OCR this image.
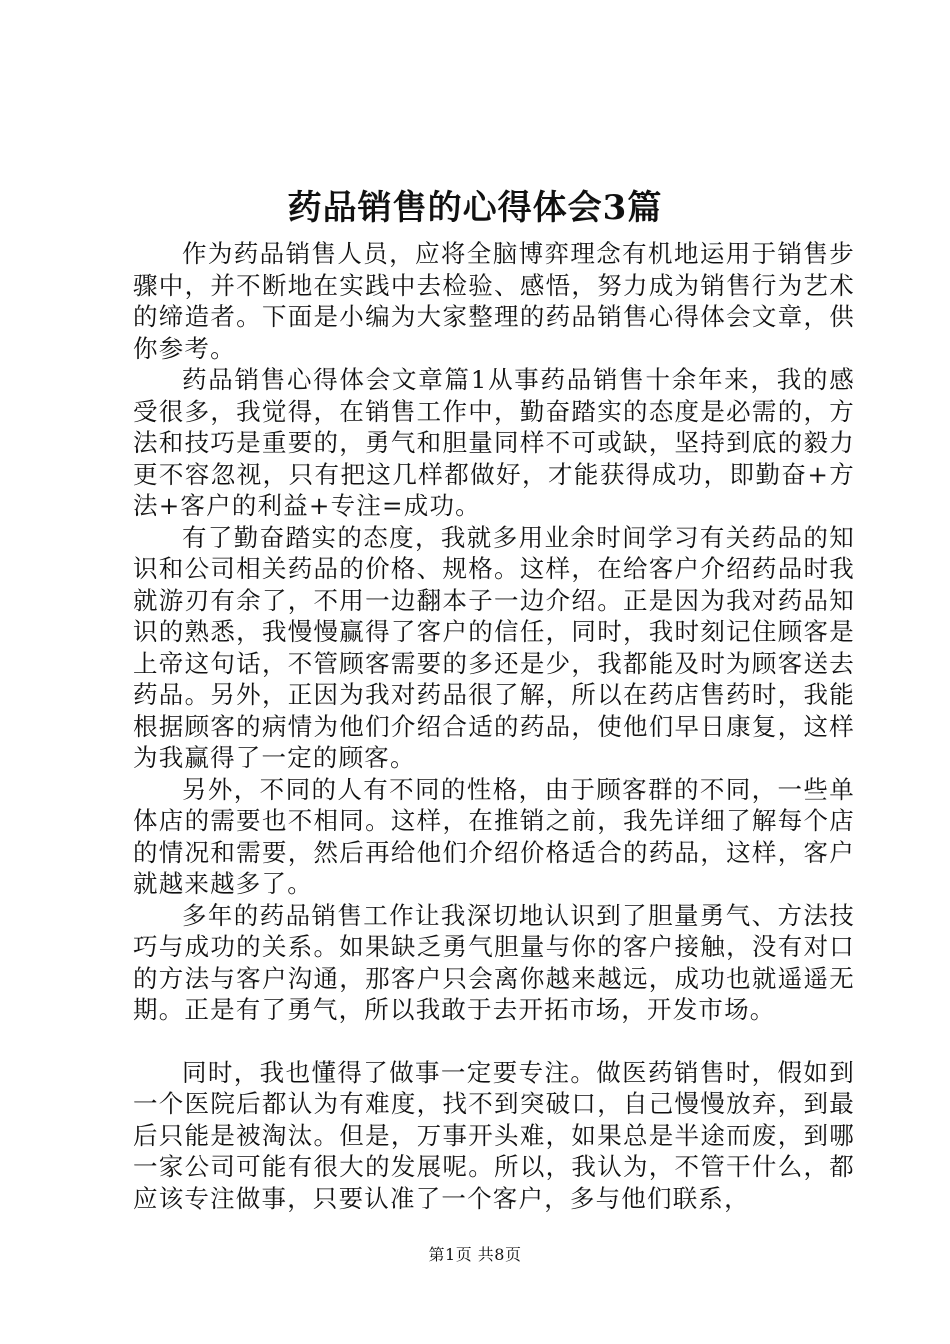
药品销售的心得体会3篇

作为药品销售人员，应将全脑博弈理念有机地运用于销售步骤中，并不断地在实践中去检验、感悟，努力成为销售行为艺术的缔造者。下面是小编为大家整理的药品销售心得体会文章，供你参考。

药品销售心得体会文章篇1从事药品销售十余年来，我的感受很多，我觉得，在销售工作中，勤奋踏实的态度是必需的，方法和技巧是重要的，勇气和胆量同样不可或缺，坚持到底的毅力更不容忽视，只有把这几样都做好，才能获得成功，即勤奋+方法+客户的利益+专注=成功。

有了勤奋踏实的态度，我就多用业余时间学习有关药品的知识和公司相关药品的价格、规格。这样，在给客户介绍药品时我就游刃有余了，不用一边翻本子一边介绍。正是因为我对药品知识的熟悉，我慢慢赢得了客户的信任，同时，我时刻记住顾客是上帝这句话，不管顾客需要的多还是少，我都能及时为顾客送去药品。另外，正因为我对药品很了解，所以在药店售药时，我能根据顾客的病情为他们介绍合适的药品，使他们早日康复，这样为我赢得了一定的顾客。

另外，不同的人有不同的性格，由于顾客群的不同，一些单体店的需要也不相同。这样，在推销之前，我先详细了解每个店的情况和需要，然后再给他们介绍价格适合的药品，这样，客户就越来越多了。

多年的药品销售工作让我深切地认识到了胆量勇气、方法技巧与成功的关系。如果缺乏勇气胆量与你的客户接触，没有对口的方法与客户沟通，那客户只会离你越来越远，成功也就遥遥无期。正是有了勇气，所以我敢于去开拓市场，开发市场。

同时，我也懂得了做事一定要专注。做医药销售时，假如到一个医院后都认为有难度，找不到突破口，自己慢慢放弃，到最后只能是被淘汰。但是，万事开头难，如果总是半途而废，到哪一家公司可能有很大的发展呢。所以，我认为，不管干什么，都应该专注做事，只要认准了一个客户，多与他们联系，

第1页 共8页
